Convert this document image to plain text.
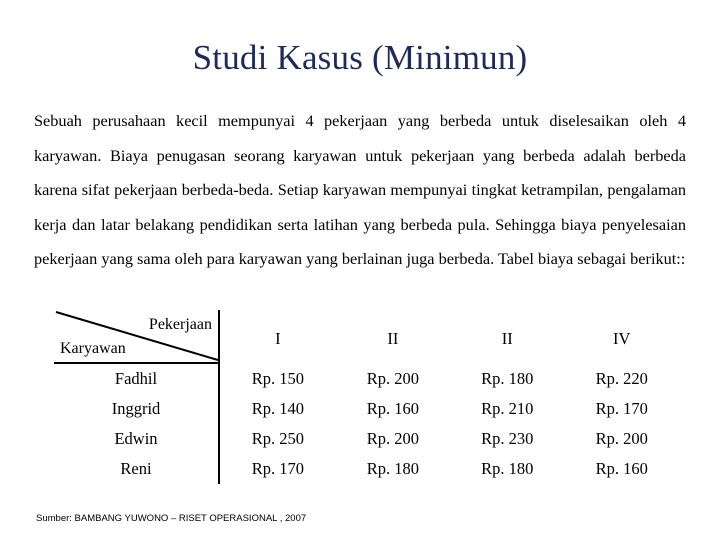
Studi Kasus (Minimun)
Sebuah perusahaan kecil mempunyai 4 pekerjaan yang berbeda untuk diselesaikan oleh 4 karyawan. Biaya penugasan seorang karyawan untuk pekerjaan yang berbeda adalah berbeda karena sifat pekerjaan berbeda-beda. Setiap karyawan mempunyai tingkat ketrampilan, pengalaman kerja dan latar belakang pendidikan serta latihan yang berbeda pula. Sehingga biaya penyelesaian pekerjaan yang sama oleh para karyawan yang berlainan juga berbeda. Tabel biaya sebagai berikut::
Pekerjaan
Karyawan	I	II	II	IV
Fadhil	Rp. 150	Rp. 200	Rp. 180	Rp. 220
Inggrid	Rp. 140	Rp. 160	Rp. 210	Rp. 170
Edwin	Rp. 250	Rp. 200	Rp. 230	Rp. 200
Reni	Rp. 170	Rp. 180	Rp. 180	Rp. 160
Sumber: BAMBANG YUWONO – RISET OPERASIONAL , 2007
